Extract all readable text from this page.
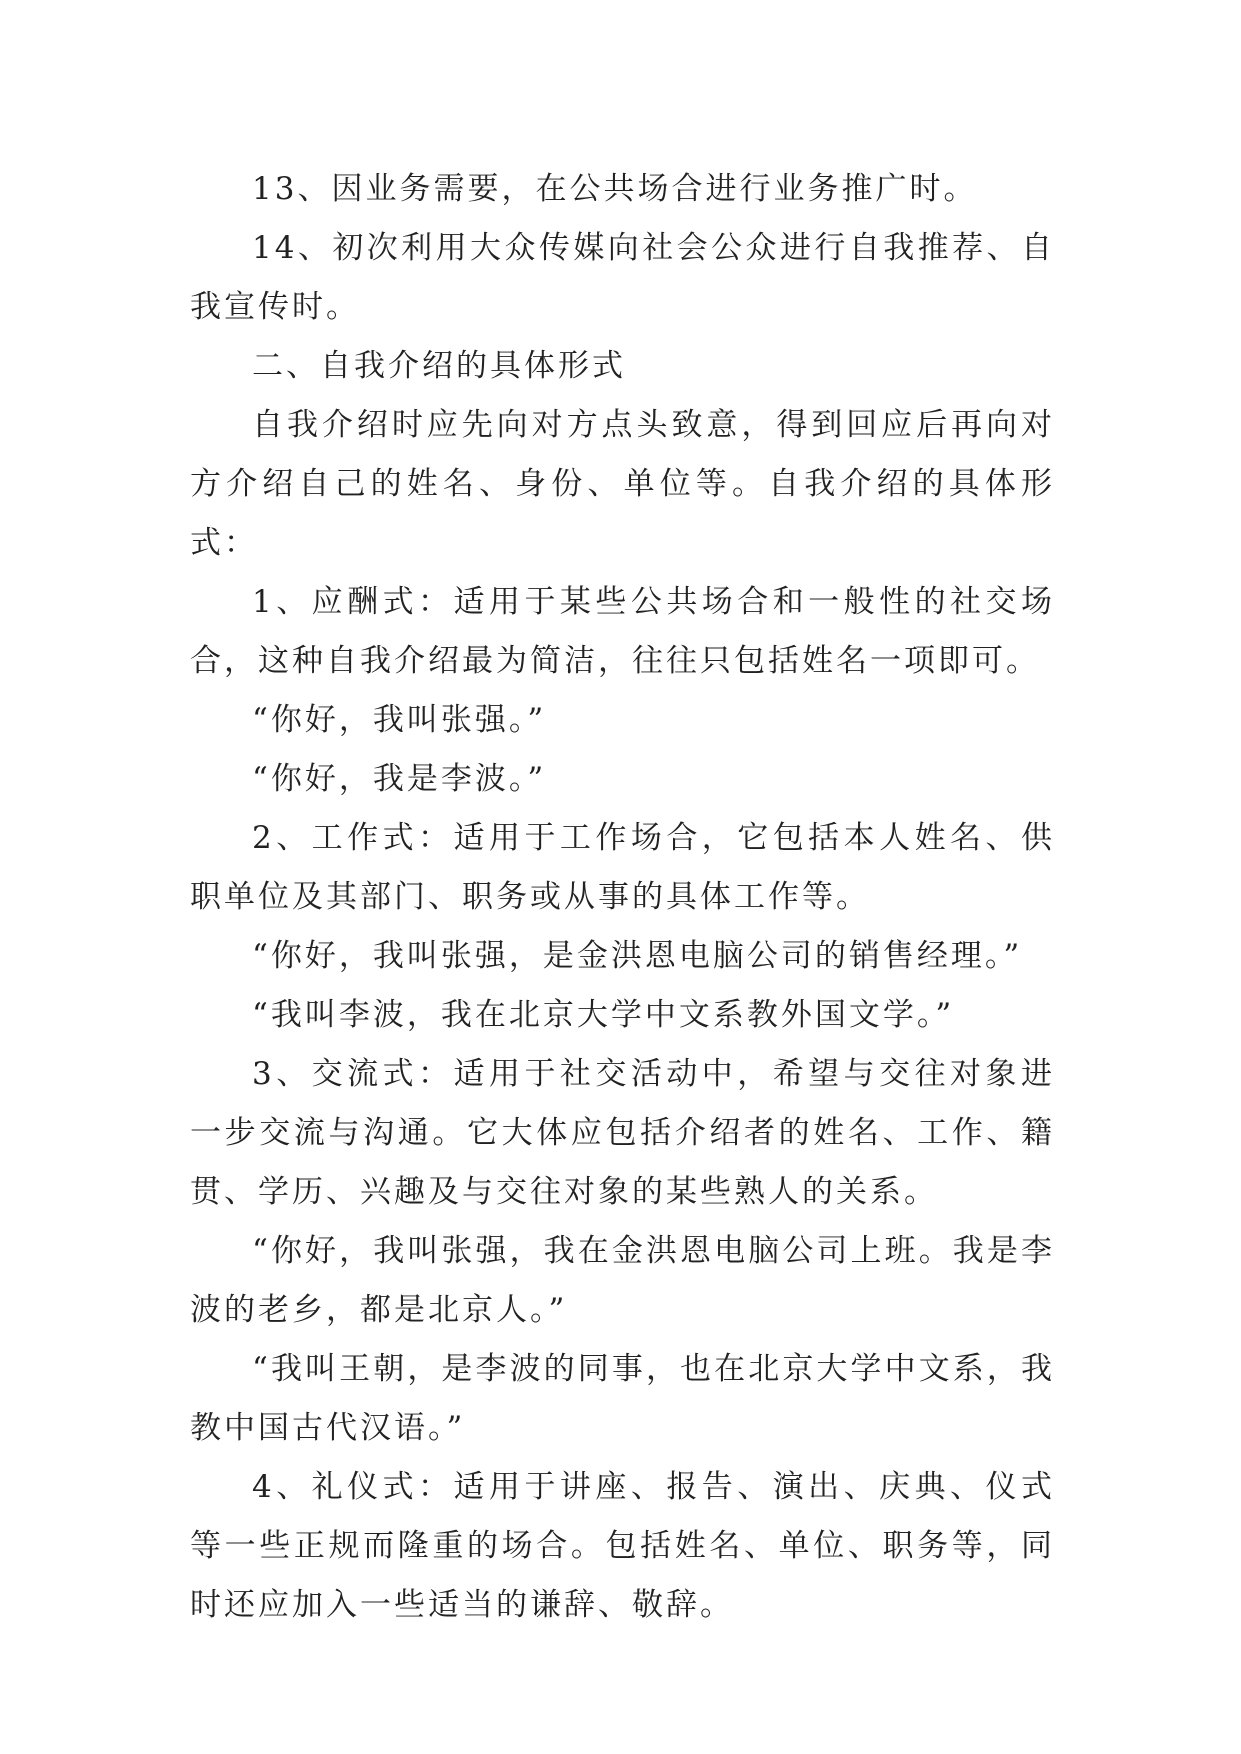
13、因业务需要，在公共场合进行业务推广时。

14、初次利用大众传媒向社会公众进行自我推荐、自我宣传时。

二、自我介绍的具体形式

自我介绍时应先向对方点头致意，得到回应后再向对方介绍自己的姓名、身份、单位等。自我介绍的具体形式：

1、应酬式：适用于某些公共场合和一般性的社交场合，这种自我介绍最为简洁，往往只包括姓名一项即可。

“你好，我叫张强。”

“你好，我是李波。”

2、工作式：适用于工作场合，它包括本人姓名、供职单位及其部门、职务或从事的具体工作等。

“你好，我叫张强，是金洪恩电脑公司的销售经理。”

“我叫李波，我在北京大学中文系教外国文学。”

3、交流式：适用于社交活动中，希望与交往对象进一步交流与沟通。它大体应包括介绍者的姓名、工作、籍贯、学历、兴趣及与交往对象的某些熟人的关系。

“你好，我叫张强，我在金洪恩电脑公司上班。我是李波的老乡，都是北京人。”

“我叫王朝，是李波的同事，也在北京大学中文系，我教中国古代汉语。”

4、礼仪式：适用于讲座、报告、演出、庆典、仪式等一些正规而隆重的场合。包括姓名、单位、职务等，同时还应加入一些适当的谦辞、敬辞。
